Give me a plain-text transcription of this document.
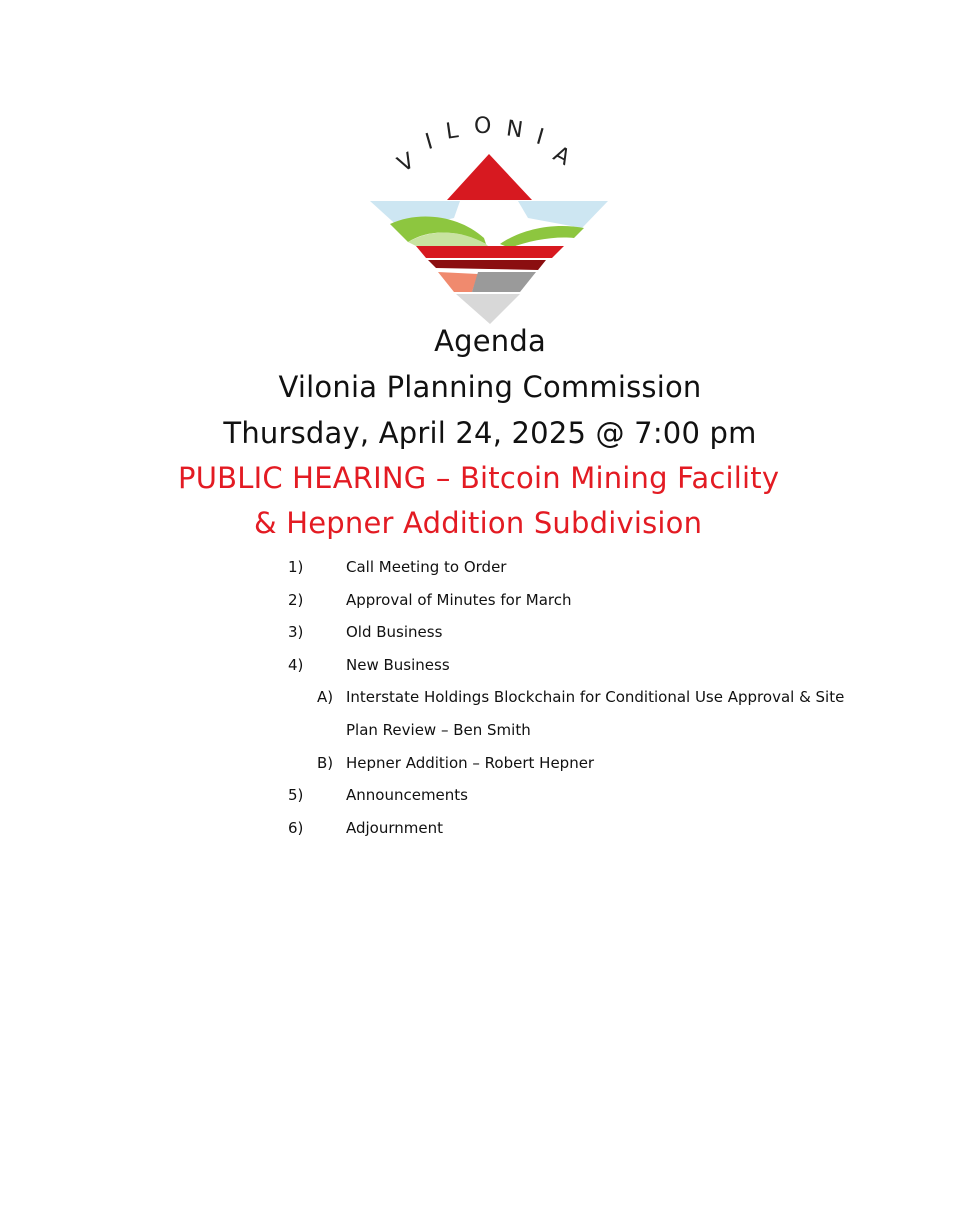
V
I L O N I
A
Agenda
Vilonia Planning Commission
Thursday, April 24, 2025 @ 7:00 pm
PUBLIC HEARING – Bitcoin Mining Facility
& Hepner Addition Subdivision
1)	Call Meeting to Order
2)	Approval of Minutes for March
3)	Old Business
4)	New Business
A) Interstate Holdings Blockchain for Conditional Use Approval & Site
Plan Review – Ben Smith
B) Hepner Addition – Robert Hepner
5)	Announcements
6)	Adjournment
